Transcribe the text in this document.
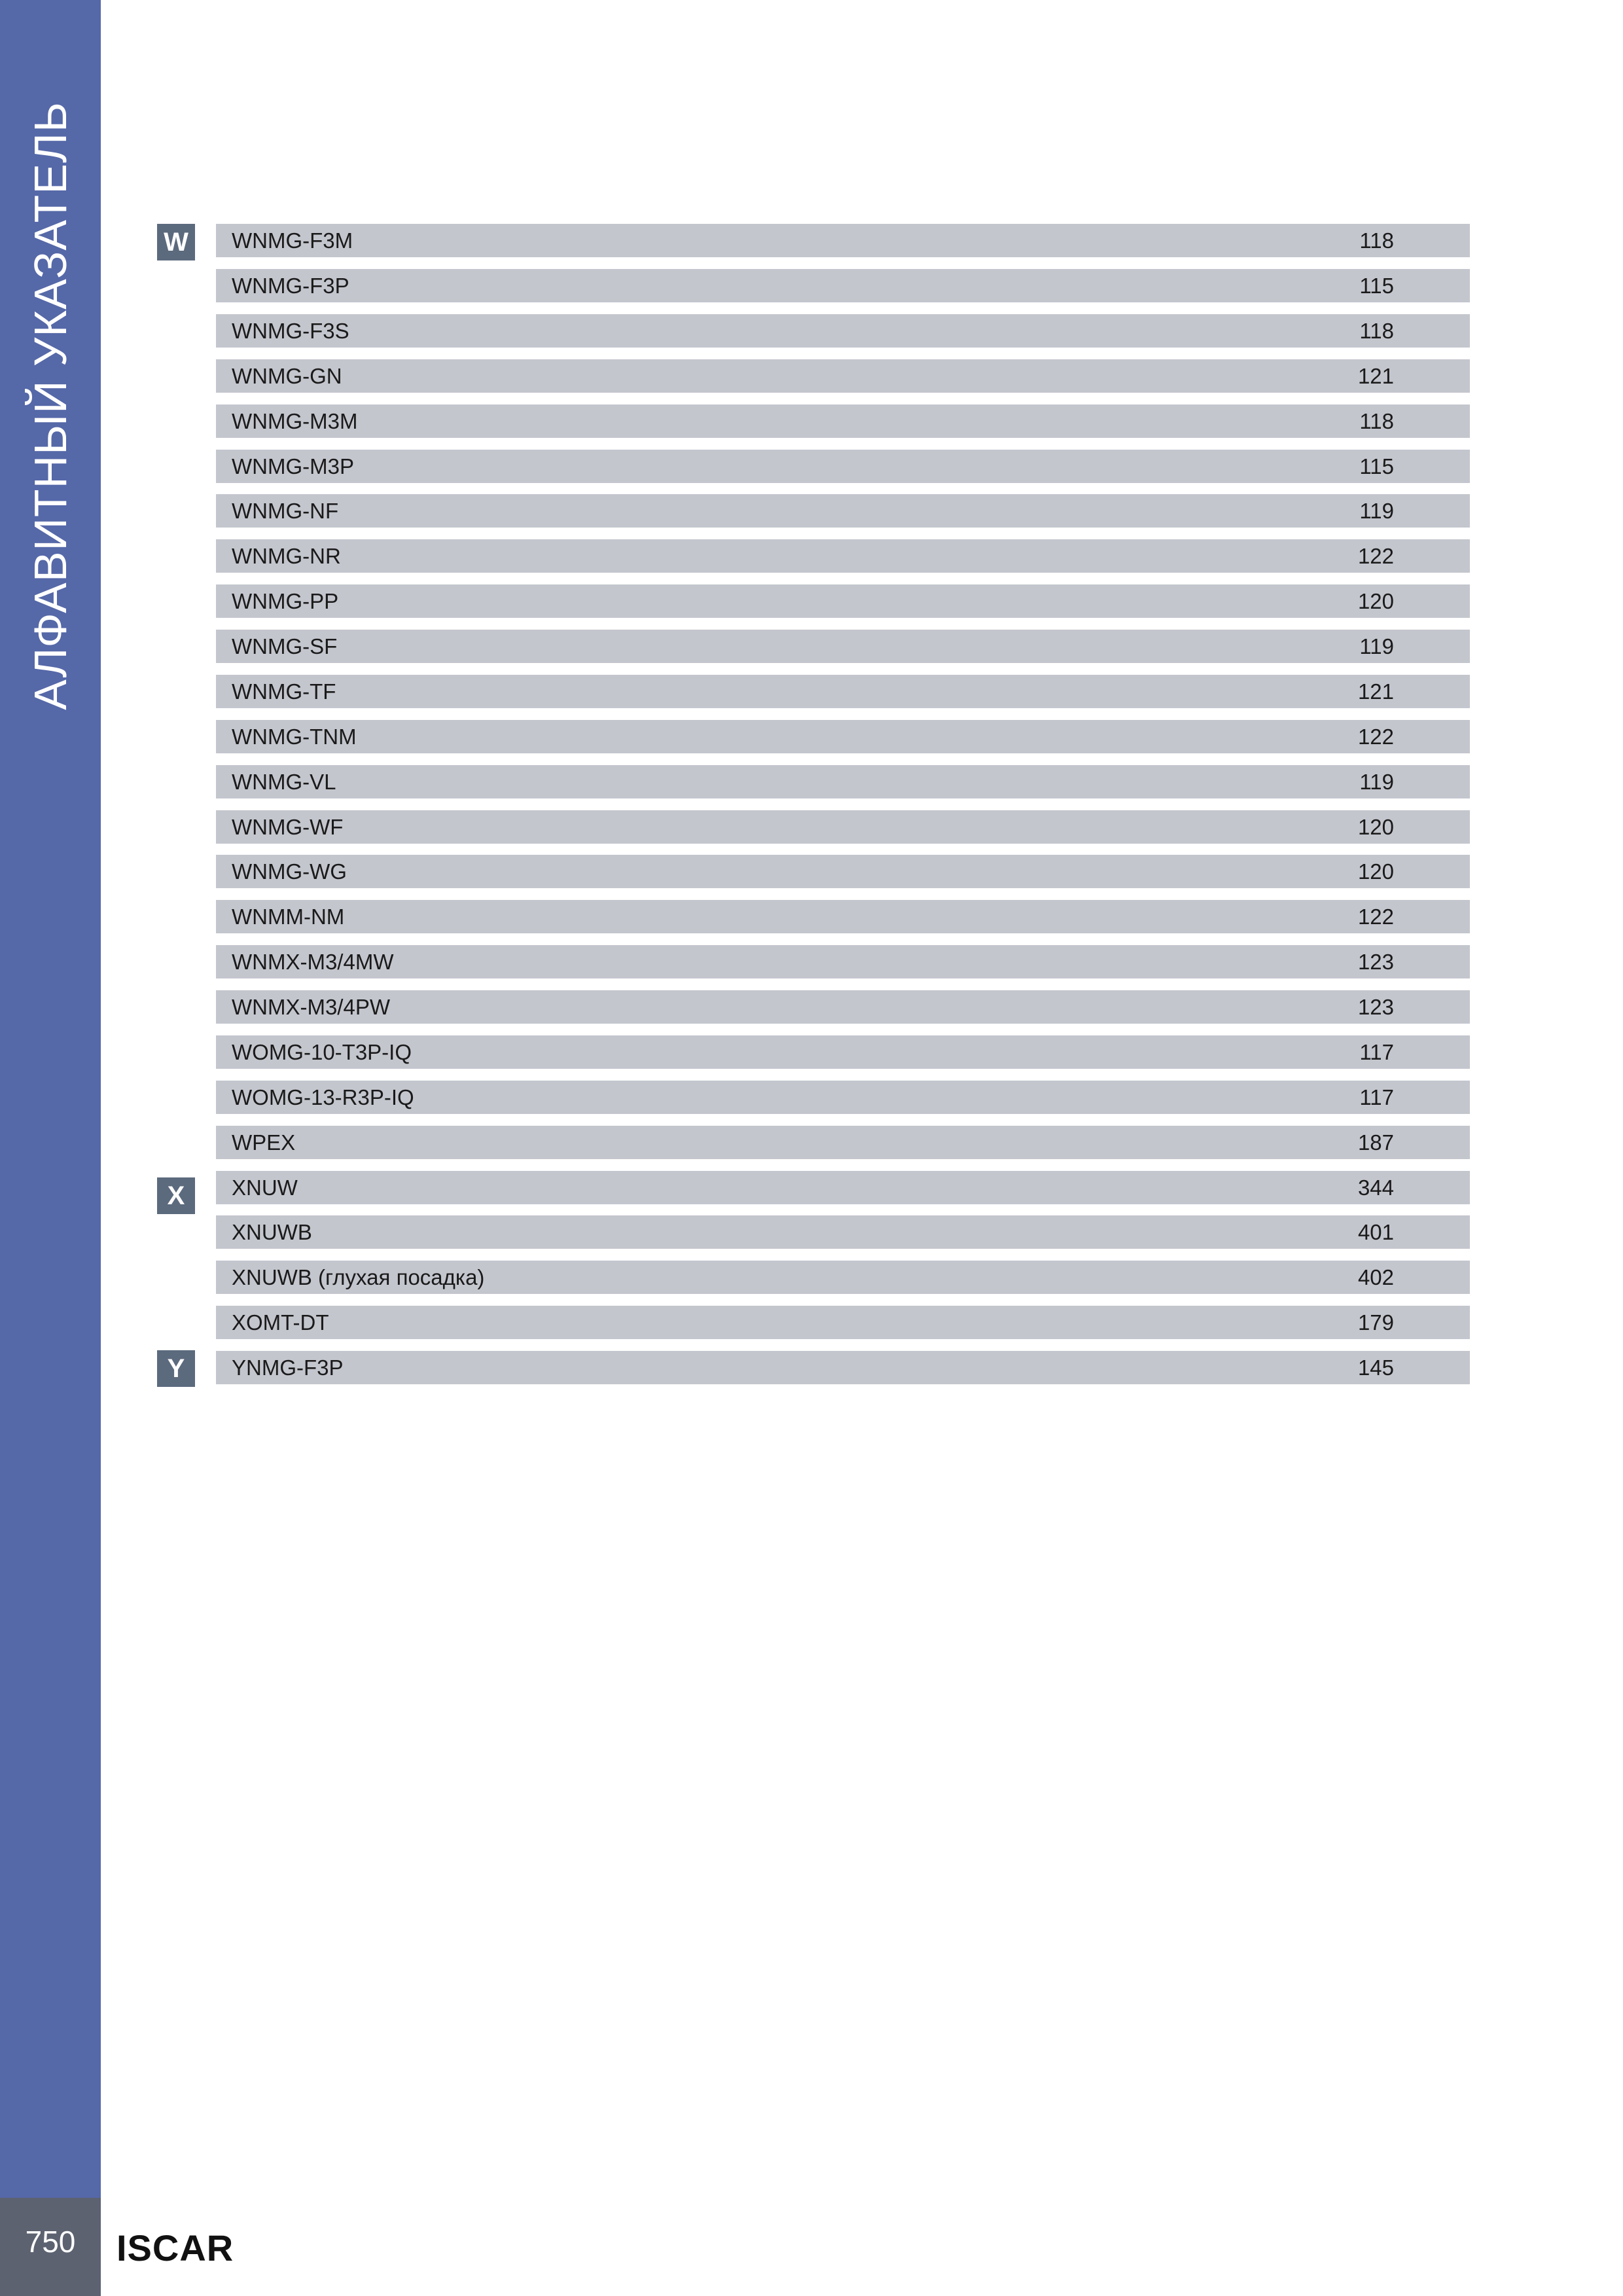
АЛФАВИТНЫЙ УКАЗАТЕЛЬ	W
X
Y
WNMG-F3M	118
WNMG-F3P	115
WNMG-F3S	118
WNMG-GN	121
WNMG-M3M	118
WNMG-M3P	115
WNMG-NF	119
WNMG-NR	122
WNMG-PP	120
WNMG-SF	119
WNMG-TF	121
WNMG-TNM	122
WNMG-VL	119
WNMG-WF	120
WNMG-WG	120
WNMM-NM	122
WNMX-M3/4MW	123
WNMX-M3/4PW	123
WOMG-10-T3P-IQ	117
WOMG-13-R3P-IQ	117
WPEX	187
XNUW	344
XNUWB	401
XNUWB (глухая посадка)	402
XOMT-DT	179
YNMG-F3P	145
750	ISCAR
